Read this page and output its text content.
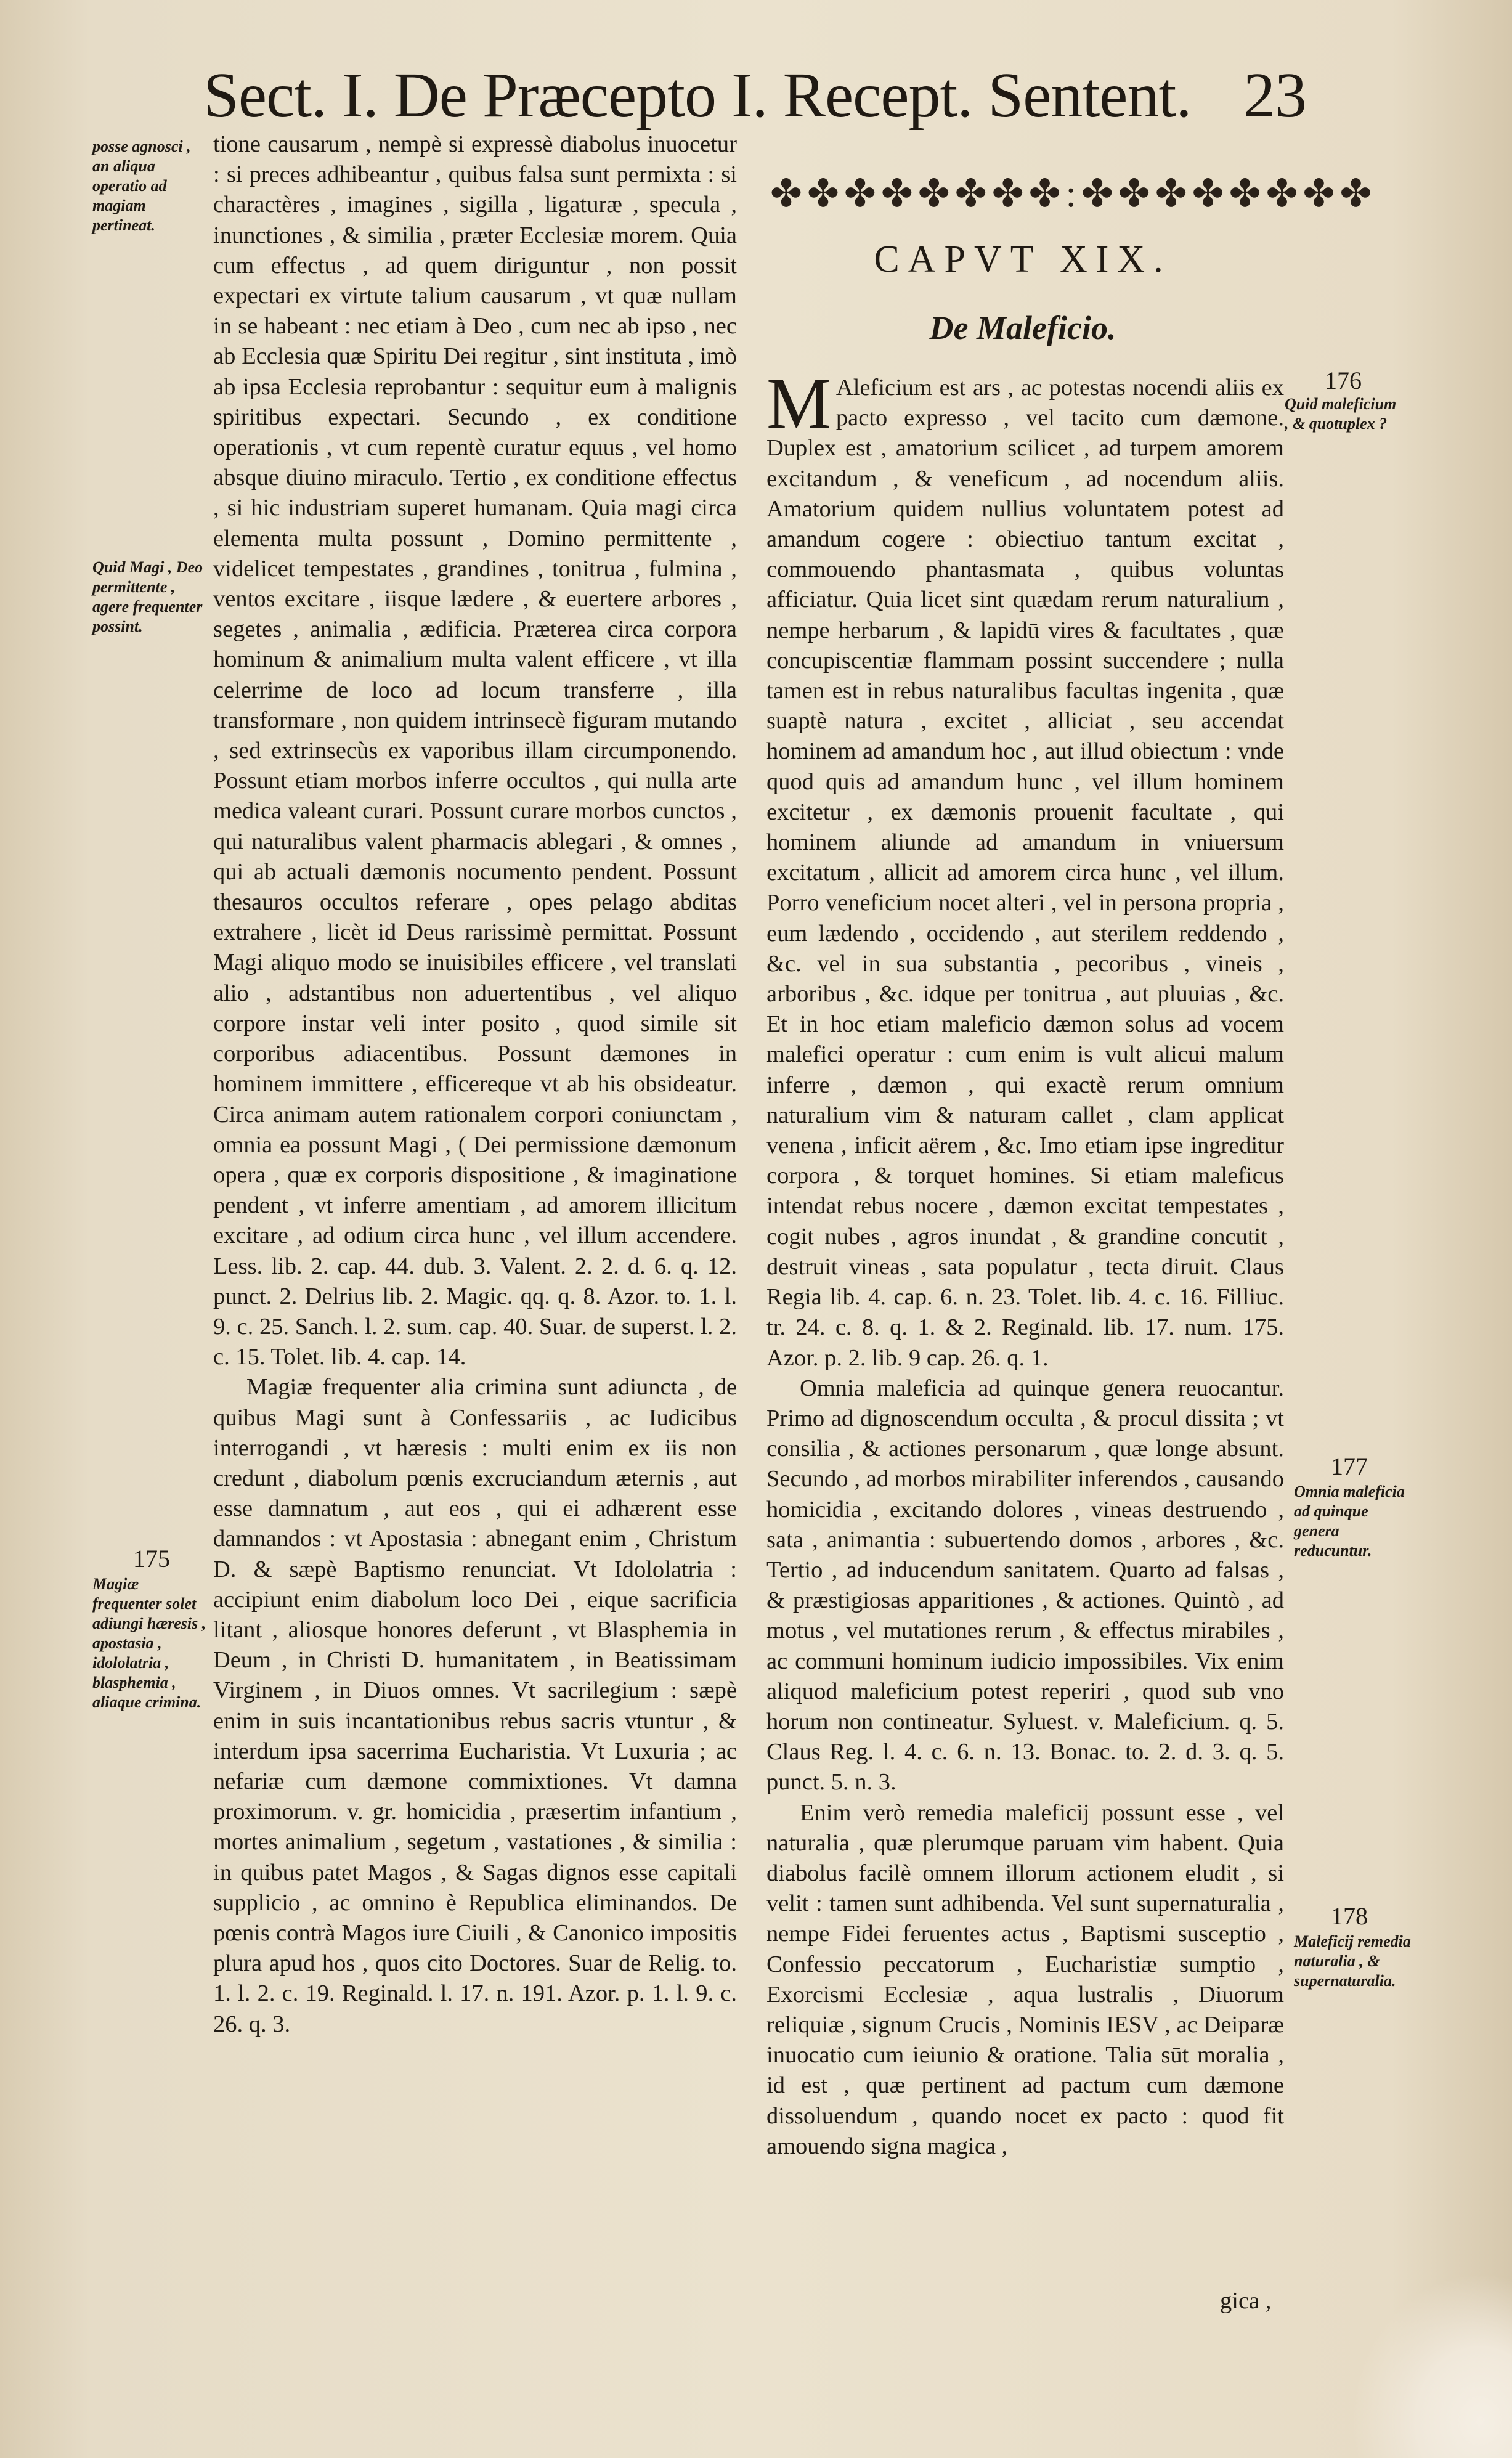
Sect. I. De Præcepto I. Recept. Sentent. 23
posse agnosci , an aliqua operatio ad magiam pertineat.
Quid Magi , Deo permittente , agere frequenter possint.
175
Magiæ frequenter solet adiungi hæresis , apostasia , idololatria , blasphemia , aliaque crimina.

tione causarum , nempè si expressè diabolus inuocetur : si preces adhibeantur , quibus falsa sunt permixta : si charactères , imagines , sigilla , ligaturæ , specula , inunctiones , & similia , præter Ecclesiæ morem. Quia cum effectus , ad quem diriguntur , non possit expectari ex virtute talium causarum , vt quæ nullam in se habeant : nec etiam à Deo , cum nec ab ipso , nec ab Ecclesia quæ Spiritu Dei regitur , sint instituta , imò ab ipsa Ecclesia reprobantur : sequitur eum à malignis spiritibus expectari. Secundo , ex conditione operationis , vt cum repentè curatur equus , vel homo absque diuino miraculo. Tertio , ex conditione effectus , si hic industriam superet humanam. Quia magi circa elementa multa possunt , Domino permittente , videlicet tempestates , grandines , tonitrua , fulmina , ventos excitare , iisque lædere , & euertere arbores , segetes , animalia , ædificia. Præterea circa corpora hominum & animalium multa valent efficere , vt illa celerrime de loco ad locum transferre , illa transformare , non quidem intrinsecè figuram mutando , sed extrinsecùs ex vaporibus illam circumponendo. Possunt etiam morbos inferre occultos , qui nulla arte medica valeant curari. Possunt curare morbos cunctos , qui naturalibus valent pharmacis ablegari , & omnes , qui ab actuali dæmonis nocumento pendent. Possunt thesauros occultos referare , opes pelago abditas extrahere , licèt id Deus rarissimè permittat. Possunt Magi aliquo modo se inuisibiles efficere , vel translati alio , adstantibus non aduertentibus , vel aliquo corpore instar veli inter posito , quod simile sit corporibus adiacentibus. Possunt dæmones in hominem immittere , efficereque vt ab his obsideatur. Circa animam autem rationalem corpori coniunctam , omnia ea possunt Magi , ( Dei permissione dæmonum opera , quæ ex corporis dispositione , & imaginatione pendent , vt inferre amentiam , ad amorem illicitum excitare , ad odium circa hunc , vel illum accendere. Less. lib. 2. cap. 44. dub. 3. Valent. 2. 2. d. 6. q. 12. punct. 2. Delrius lib. 2. Magic. qq. q. 8. Azor. to. 1. l. 9. c. 25. Sanch. l. 2. sum. cap. 40. Suar. de superst. l. 2. c. 15. Tolet. lib. 4. cap. 14.

Magiæ frequenter alia crimina sunt adiuncta , de quibus Magi sunt à Confessariis , ac Iudicibus interrogandi , vt hæresis : multi enim ex iis non credunt , diabolum pœnis excruciandum æternis , aut esse damnatum , aut eos , qui ei adhærent esse damnandos : vt Apostasia : abnegant enim , Christum D. & sæpè Baptismo renunciat. Vt Idololatria : accipiunt enim diabolum loco Dei , eique sacrificia litant , aliosque honores deferunt , vt Blasphemia in Deum , in Christi D. humanitatem , in Beatissimam Virginem , in Diuos omnes. Vt sacrilegium : sæpè enim in suis incantationibus rebus sacris vtuntur , & interdum ipsa sacerrima Eucharistia. Vt Luxuria ; ac nefariæ cum dæmone commixtiones. Vt damna proximorum. v. gr. homicidia , præsertim infantium , mortes animalium , segetum , vastationes , & similia : in quibus patet Magos , & Sagas dignos esse capitali supplicio , ac omnino è Republica eliminandos. De pœnis contrà Magos iure Ciuili , & Canonico impositis plura apud hos , quos cito Doctores. Suar de Relig. to. 1. l. 2. c. 19. Reginald. l. 17. n. 191. Azor. p. 1. l. 9. c. 26. q. 3.

✤✤✤✤✤✤✤✤:✤✤✤✤✤✤✤✤
CAPVT XIX.
De Maleficio.

M Aleficium est ars , ac potestas nocendi aliis ex pacto expresso , vel tacito cum dæmone. Duplex est , amatorium scilicet , ad turpem amorem excitandum , & veneficum , ad nocendum aliis. Amatorium quidem nullius voluntatem potest ad amandum cogere : obiectiuo tantum excitat , commouendo phantasmata , quibus voluntas afficiatur. Quia licet sint quædam rerum naturalium , nempe herbarum , & lapidū vires & facultates , quæ concupiscentiæ flammam possint succendere ; nulla tamen est in rebus naturalibus facultas ingenita , quæ suaptè natura , excitet , alliciat , seu accendat hominem ad amandum hoc , aut illud obiectum : vnde quod quis ad amandum hunc , vel illum hominem excitetur , ex dæmonis prouenit facultate , qui hominem aliunde ad amandum in vniuersum excitatum , allicit ad amorem circa hunc , vel illum. Porro veneficium nocet alteri , vel in persona propria , eum lædendo , occidendo , aut sterilem reddendo , &c. vel in sua substantia , pecoribus , vineis , arboribus , &c. idque per tonitrua , aut pluuias , &c. Et in hoc etiam maleficio dæmon solus ad vocem malefici operatur : cum enim is vult alicui malum inferre , dæmon , qui exactè rerum omnium naturalium vim & naturam callet , clam applicat venena , inficit aërem , &c. Imo etiam ipse ingreditur corpora , & torquet homines. Si etiam maleficus intendat rebus nocere , dæmon excitat tempestates , cogit nubes , agros inundat , & grandine concutit , destruit vineas , sata populatur , tecta diruit. Claus Regia lib. 4. cap. 6. n. 23. Tolet. lib. 4. c. 16. Filliuc. tr. 24. c. 8. q. 1. & 2. Reginald. lib. 17. num. 175. Azor. p. 2. lib. 9 cap. 26. q. 1.

Omnia maleficia ad quinque genera reuocantur. Primo ad dignoscendum occulta , & procul dissita ; vt consilia , & actiones personarum , quæ longe absunt. Secundo , ad morbos mirabiliter inferendos , causando homicidia , excitando dolores , vineas destruendo , sata , animantia : subuertendo domos , arbores , &c. Tertio , ad inducendum sanitatem. Quarto ad falsas , & præstigiosas apparitiones , & actiones. Quintò , ad motus , vel mutationes rerum , & effectus mirabiles , ac communi hominum iudicio impossibiles. Vix enim aliquod maleficium potest reperiri , quod sub vno horum non contineatur. Syluest. v. Maleficium. q. 5. Claus Reg. l. 4. c. 6. n. 13. Bonac. to. 2. d. 3. q. 5. punct. 5. n. 3.

Enim verò remedia maleficij possunt esse , vel naturalia , quæ plerumque paruam vim habent. Quia diabolus facilè omnem illorum actionem eludit , si velit : tamen sunt adhibenda. Vel sunt supernaturalia , nempe Fidei feruentes actus , Baptismi susceptio , Confessio peccatorum , Eucharistiæ sumptio , Exorcismi Ecclesiæ , aqua lustralis , Diuorum reliquiæ , signum Crucis , Nominis IESV , ac Deiparæ inuocatio cum ieiunio & oratione. Talia sūt moralia , id est , quæ pertinent ad pactum cum dæmone dissoluendum , quando nocet ex pacto : quod fit amouendo signa magica ,

176
Quid maleficium , & quotuplex ?
177
Omnia maleficia ad quinque genera reducuntur.
178
Maleficij remedia naturalia , & supernaturalia.
gica ,
